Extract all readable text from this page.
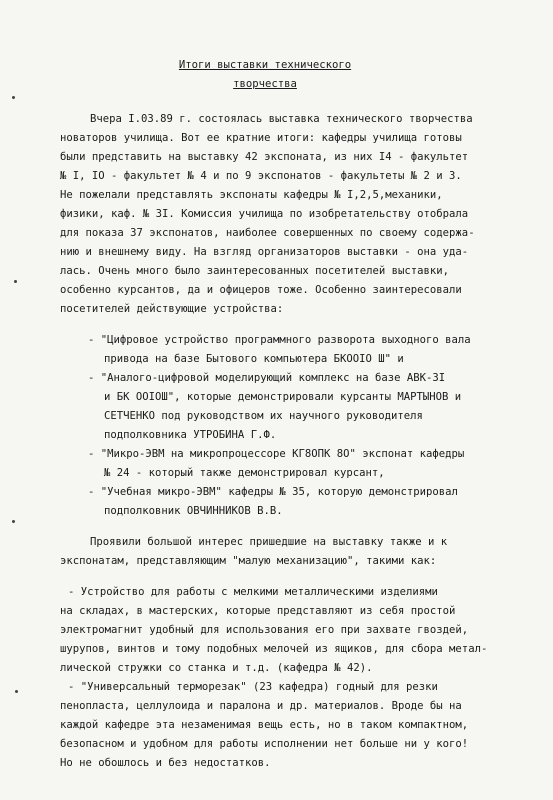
Итоги выставки технического
творчества
Вчера I.03.89 г. состоялась выставка технического творчества
новаторов училища. Вот ее кратние итоги: кафедры училища готовы
были представить на выставку 42 экспоната, из них I4 - факультет
№ I, IO - факультет № 4 и по 9 экспонатов - факультеты № 2 и 3.
Не пожелали представлять экспонаты кафедры № I,2,5,механики,
физики, каф. № 3I. Комиссия училища по изобретательству отобрала
для показа 37 экспонатов, наиболее совершенных по своему содержа-
нию и внешнему виду. На взгляд организаторов выставки - она уда-
лась. Очень много было заинтересованных посетителей выставки,
особенно курсантов, да и офицеров тоже. Особенно заинтересовали
посетителей действующие устройства:
- "Цифровое устройство программного разворота выходного вала
привода на базе Бытового компьютера БКOOIO Ш" и
- "Аналого-цифровой моделирующий комплекс на базе АВК-3I
и БК OOIOШ", которые демонстрировали курсанты МАРТЫНОВ и
СЕТЧЕНКО под руководством их научного руководителя
подполковника УТРОБИНА Г.Ф.
- "Микро-ЭВМ на микропроцессоре КГ8ОПК 8О" экспонат кафедры
№ 24 - который также демонстрировал курсант,
- "Учебная микро-ЭВМ" кафедры № 35, которую демонстрировал
подполковник ОВЧИННИКОВ В.В.
Проявили большой интерес пришедшие на выставку также и к
экспонатам, представляющим "малую механизацию", такими как:
- Устройство для работы с мелкими металлическими изделиями
на складах, в мастерских, которые представляют из себя простой
электромагнит удобный для использования его при захвате гвоздей,
шурупов, винтов и тому подобных мелочей из ящиков, для сбора метал-
лической стружки со станка и т.д. (кафедра № 42).
- "Универсальный терморезак" (23 кафедра) годный для резки
пенопласта, целлулоида и паралона и др. материалов. Вроде бы на
каждой кафедре эта незаменимая вещь есть, но в таком компактном,
безопасном и удобном для работы исполнении нет больше ни у кого!
Но не обошлось и без недостатков.
